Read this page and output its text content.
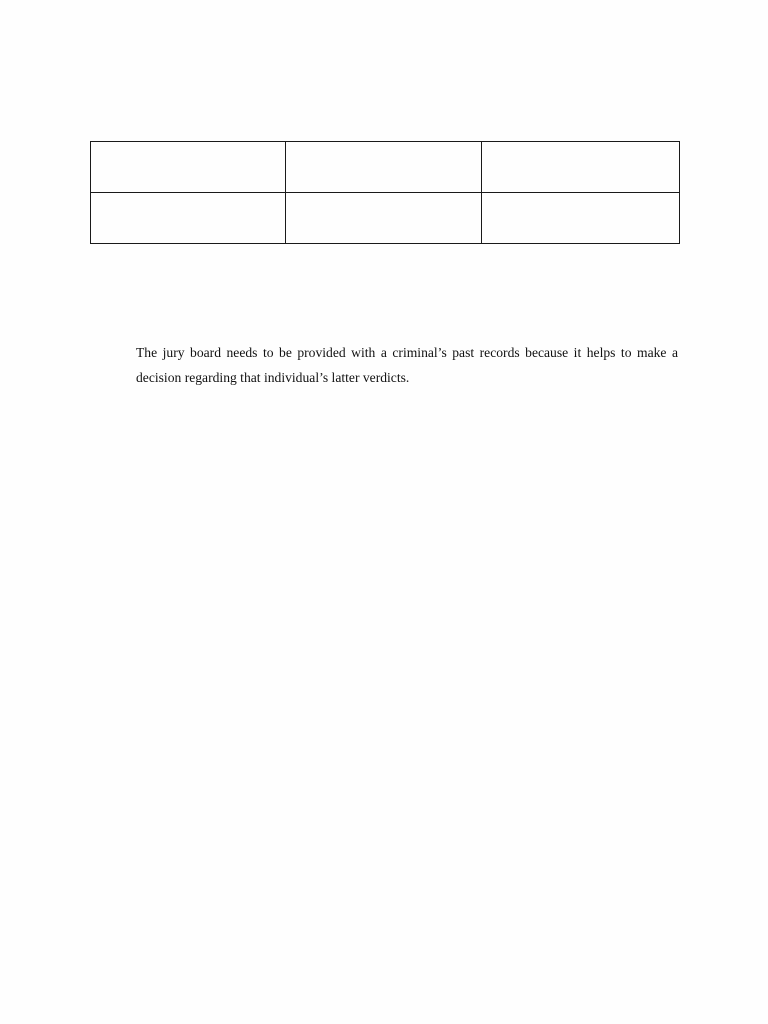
The jury board needs to be provided with a criminal’s past records because it helps to make a decision regarding that individual’s latter verdicts.
